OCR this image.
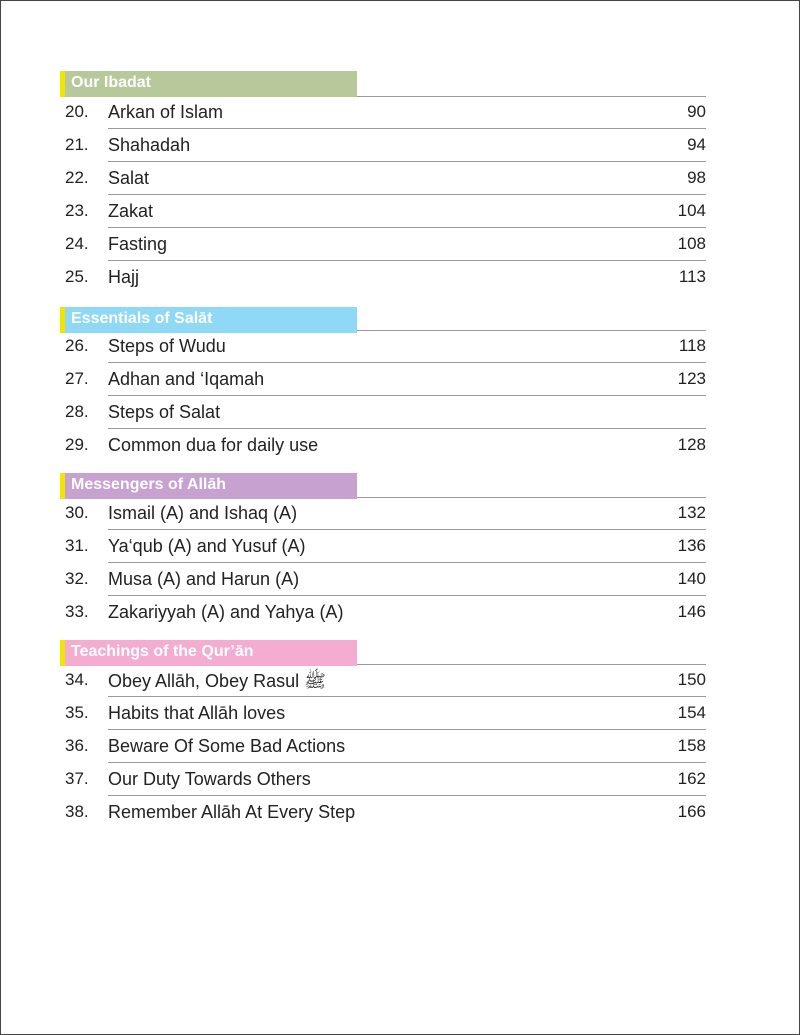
Our Ibadat
20. Arkan of Islam	90
21. Shahadah	94
22. Salat	98
23. Zakat	104
24. Fasting	108
25. Hajj	113
Essentials of Salāt
26. Steps of Wudu	118
27. Adhan and ‘Iqamah	123
28. Steps of Salat
29. Common dua for daily use	128
Messengers of Allāh
30. Ismail (A) and Ishaq (A)	132
31. Ya‘qub (A) and Yusuf (A)	136
32. Musa (A) and Harun (A)	140
33. Zakariyyah (A) and Yahya (A)	146
Teachings of the Qur’ān
34. Obey Allāh, Obey Rasul ﷺ	150
35. Habits that Allāh loves	154
36. Beware Of Some Bad Actions	158
37. Our Duty Towards Others	162
38. Remember Allāh At Every Step	166
